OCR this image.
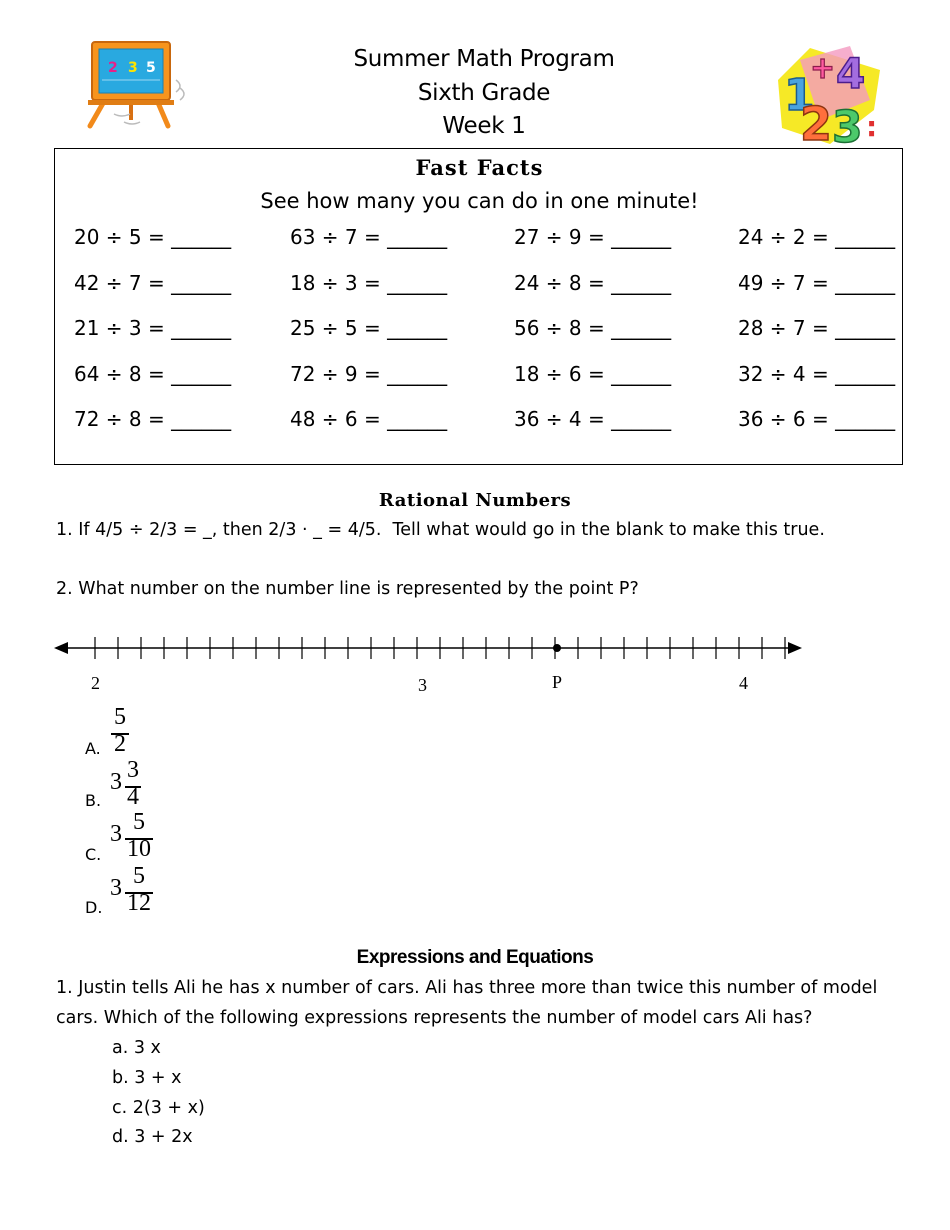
2 3 5	Summer Math Program
Sixth Grade
Week 1
1
+ 4
2 3 :
Fast Facts
See how many you can do in one minute!
20 ÷ 5 = ______	63 ÷ 7 = ______	27 ÷ 9 = ______	24 ÷ 2 = ______
42 ÷ 7 = ______	18 ÷ 3 = ______	24 ÷ 8 = ______	49 ÷ 7 = ______
21 ÷ 3 = ______	25 ÷ 5 = ______	56 ÷ 8 = ______	28 ÷ 7 = ______
64 ÷ 8 = ______	72 ÷ 9 = ______	18 ÷ 6 = ______	32 ÷ 4 = ______
72 ÷ 8 = ______	48 ÷ 6 = ______	36 ÷ 4 = ______	36 ÷ 6 = ______
Rational Numbers
1. If 4/5 ÷ 2/3 = _, then 2/3 · _ = 4/5.  Tell what would go in the blank to make this true.
2. What number on the number line is represented by the point P?
2	3	P	4
A.
5
2
B.
3 3
4
C.
3 5
10
D.
3 5
12
Expressions and Equations
1. Justin tells Ali he has x number of cars. Ali has three more than twice this number of model
cars. Which of the following expressions represents the number of model cars Ali has?
a. 3 x
b. 3 + x
c. 2(3 + x)
d. 3 + 2x
